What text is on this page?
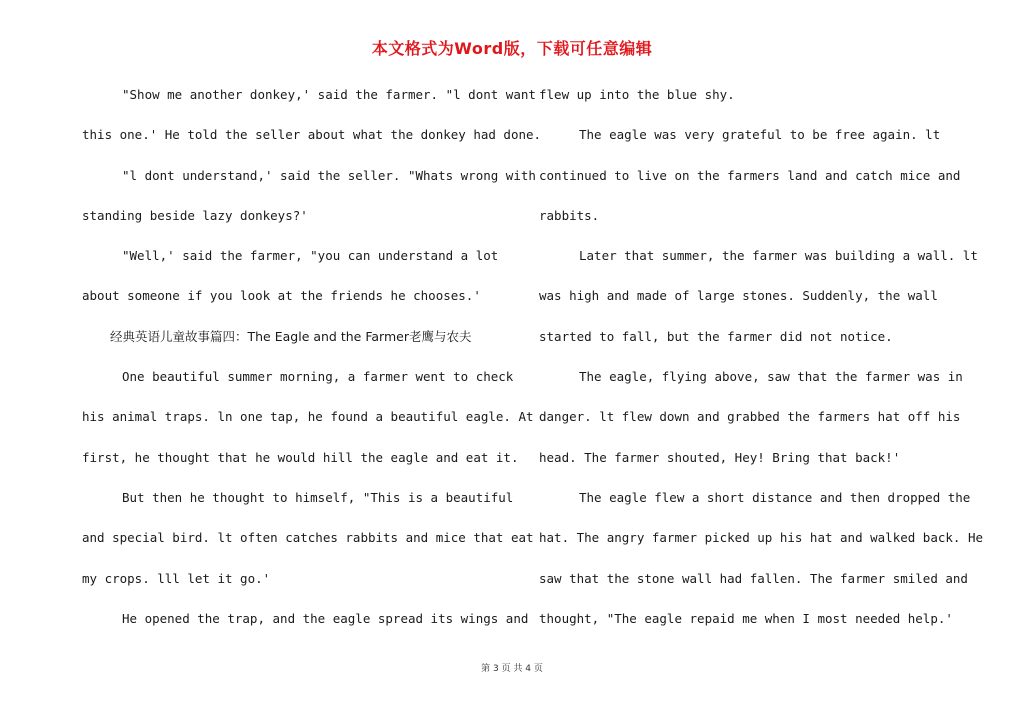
本文格式为Word版，下载可任意编辑
"Show me another donkey,' said the farmer. "l dont want
this one.' He told the seller about what the donkey had done.
"l dont understand,' said the seller. "Whats wrong with
standing beside lazy donkeys?'
"Well,' said the farmer, "you can understand a lot
about someone if you look at the friends he chooses.'
经典英语儿童故事篇四：The Eagle and the Farmer老鹰与农夫
One beautiful summer morning, a farmer went to check
his animal traps. ln one tap, he found a beautiful eagle. At
first, he thought that he would hill the eagle and eat it.
But then he thought to himself, "This is a beautiful
and special bird. lt often catches rabbits and mice that eat
my crops. lll let it go.'
He opened the trap, and the eagle spread its wings and
flew up into the blue shy.
The eagle was very grateful to be free again. lt
continued to live on the farmers land and catch mice and
rabbits.
Later that summer, the farmer was building a wall. lt
was high and made of large stones. Suddenly, the wall
started to fall, but the farmer did not notice.
The eagle, flying above, saw that the farmer was in
danger. lt flew down and grabbed the farmers hat off his
head. The farmer shouted, Hey! Bring that back!'
The eagle flew a short distance and then dropped the
hat. The angry farmer picked up his hat and walked back. He
saw that the stone wall had fallen. The farmer smiled and
thought, "The eagle repaid me when I most needed help.'
第 3 页 共 4 页
